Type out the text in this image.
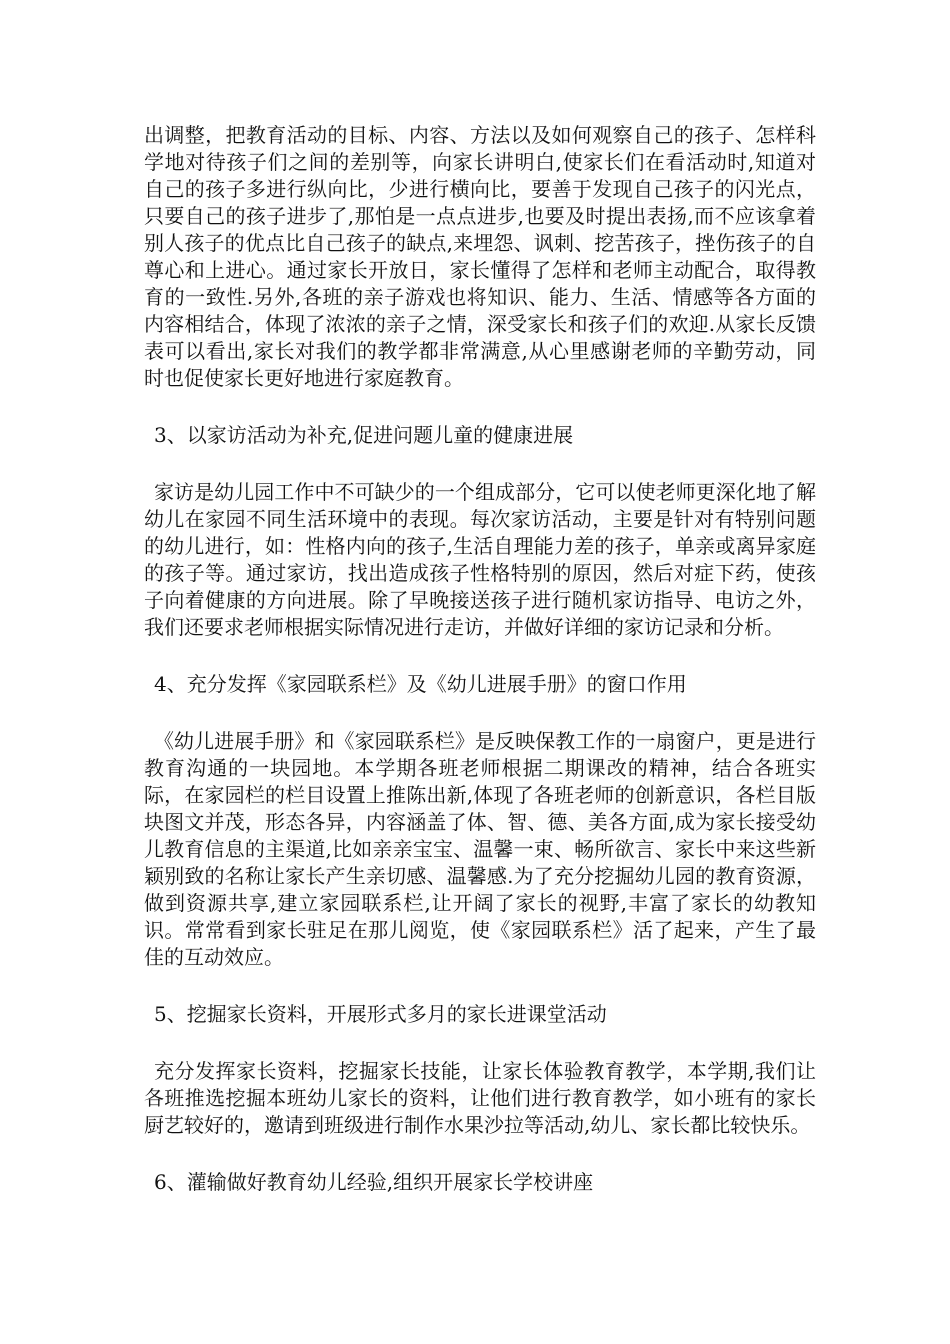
出调整，把教育活动的目标、内容、方法以及如何观察自己的孩子、怎样科学地对待孩子们之间的差别等，向家长讲明白,使家长们在看活动时,知道对自己的孩子多进行纵向比，少进行横向比，要善于发现自己孩子的闪光点，只要自己的孩子进步了,那怕是一点点进步,也要及时提出表扬,而不应该拿着别人孩子的优点比自己孩子的缺点,来埋怨、讽刺、挖苦孩子，挫伤孩子的自尊心和上进心。通过家长开放日，家长懂得了怎样和老师主动配合，取得教育的一致性.另外,各班的亲子游戏也将知识、能力、生活、情感等各方面的内容相结合，体现了浓浓的亲子之情，深受家长和孩子们的欢迎.从家长反馈表可以看出,家长对我们的教学都非常满意,从心里感谢老师的辛勤劳动，同时也促使家长更好地进行家庭教育。

3、以家访活动为补充,促进问题儿童的健康进展

家访是幼儿园工作中不可缺少的一个组成部分，它可以使老师更深化地了解幼儿在家园不同生活环境中的表现。每次家访活动，主要是针对有特别问题的幼儿进行，如：性格内向的孩子,生活自理能力差的孩子，单亲或离异家庭的孩子等。通过家访，找出造成孩子性格特别的原因，然后对症下药，使孩子向着健康的方向进展。除了早晚接送孩子进行随机家访指导、电访之外，我们还要求老师根据实际情况进行走访，并做好详细的家访记录和分析。

4、充分发挥《家园联系栏》及《幼儿进展手册》的窗口作用

《幼儿进展手册》和《家园联系栏》是反映保教工作的一扇窗户，更是进行教育沟通的一块园地。本学期各班老师根据二期课改的精神，结合各班实际，在家园栏的栏目设置上推陈出新,体现了各班老师的创新意识，各栏目版块图文并茂，形态各异，内容涵盖了体、智、德、美各方面,成为家长接受幼儿教育信息的主渠道,比如亲亲宝宝、温馨一束、畅所欲言、家长中来这些新颖别致的名称让家长产生亲切感、温馨感.为了充分挖掘幼儿园的教育资源，做到资源共享,建立家园联系栏,让开阔了家长的视野,丰富了家长的幼教知识。常常看到家长驻足在那儿阅览，使《家园联系栏》活了起来，产生了最佳的互动效应。

5、挖掘家长资料，开展形式多月的家长进课堂活动

充分发挥家长资料，挖掘家长技能，让家长体验教育教学，本学期,我们让各班推选挖掘本班幼儿家长的资料，让他们进行教育教学，如小班有的家长厨艺较好的，邀请到班级进行制作水果沙拉等活动,幼儿、家长都比较快乐。

6、灌输做好教育幼儿经验,组织开展家长学校讲座
